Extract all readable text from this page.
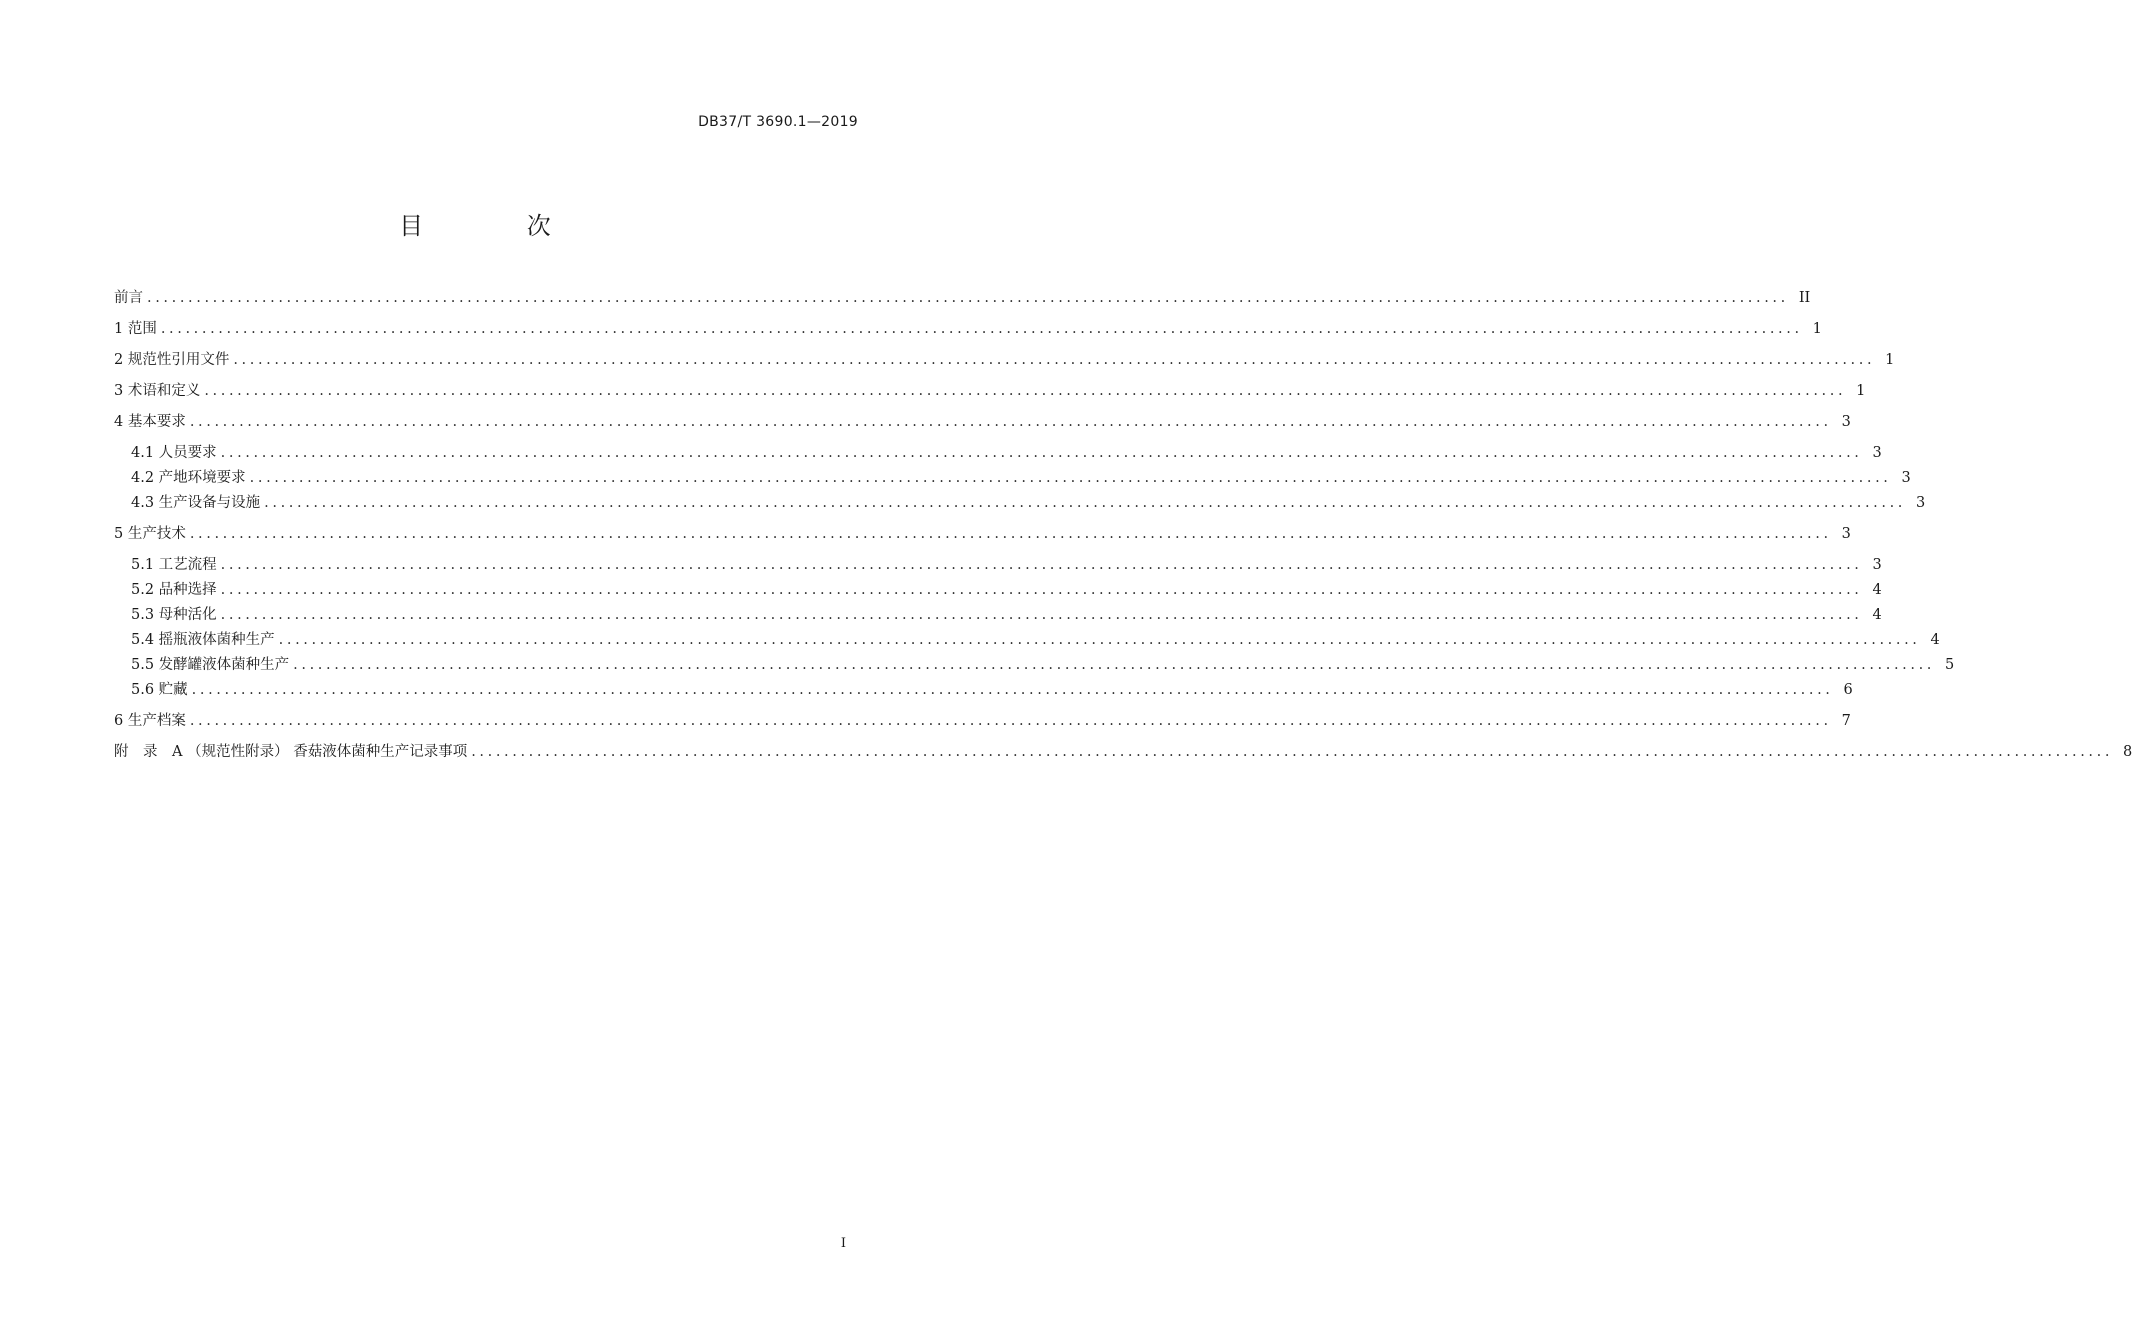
DB37/T 3690.1—2019
目 次
前言 ........................................................................................................................................................................................................ II
1 范围 ........................................................................................................................................................................................................ 1
2 规范性引用文件 ........................................................................................................................................................................................................ 1
3 术语和定义 ........................................................................................................................................................................................................ 1
4 基本要求 ........................................................................................................................................................................................................ 3
4.1 人员要求 ........................................................................................................................................................................................................ 3
4.2 产地环境要求 ........................................................................................................................................................................................................ 3
4.3 生产设备与设施 ........................................................................................................................................................................................................ 3
5 生产技术 ........................................................................................................................................................................................................ 3
5.1 工艺流程 ........................................................................................................................................................................................................ 3
5.2 品种选择 ........................................................................................................................................................................................................ 4
5.3 母种活化 ........................................................................................................................................................................................................ 4
5.4 摇瓶液体菌种生产 ........................................................................................................................................................................................................ 4
5.5 发酵罐液体菌种生产 ........................................................................................................................................................................................................ 5
5.6 贮藏 ........................................................................................................................................................................................................ 6
6 生产档案 ........................................................................................................................................................................................................ 7
附　录　A （规范性附录） 香菇液体菌种生产记录事项 ........................................................................................................................................................................................................ 8
I
